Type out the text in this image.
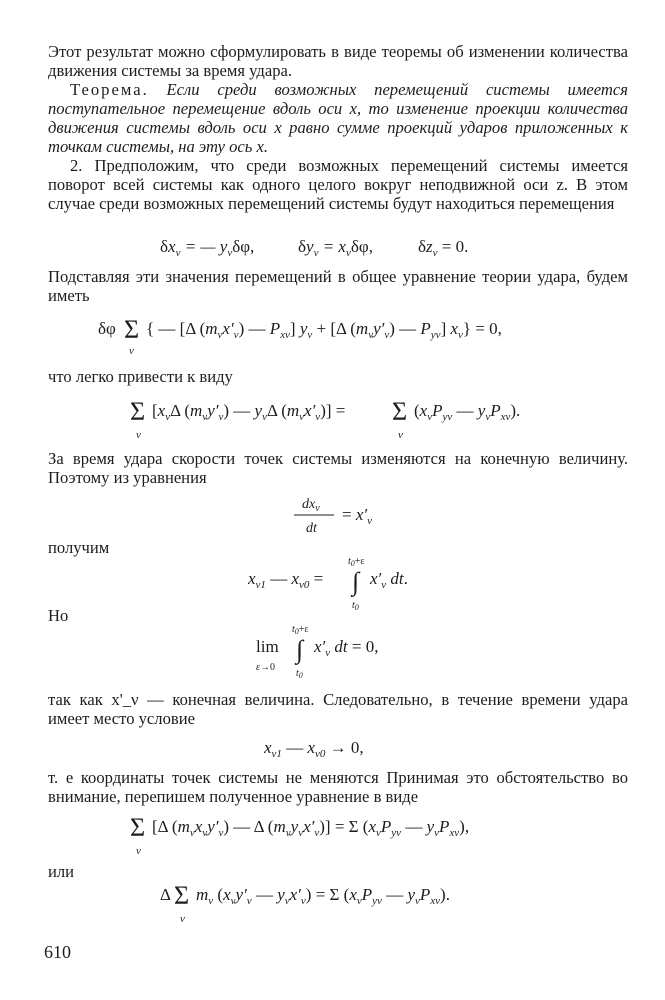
Этот результат можно сформулировать в виде теоремы об изменении количества движения системы за время удара.

Теорема. Если среди возможных перемещений системы имеется поступательное перемещение вдоль оси x, то изменение проекции количества движения системы вдоль оси x равно сумме проекций ударов приложенных к точкам системы, на эту ось x.

2. Предположим, что среди возможных перемещений системы имеется поворот всей системы как одного целого вокруг неподвижной оси z. В этом случае среди возможных перемещений системы будут находиться перемещения

$\delta x_\nu$ = — $y_\nu\delta\varphi$,	$\delta y_\nu = x_\nu\delta\varphi$,	$\delta z_\nu = 0$.

Подставляя эти значения перемещений в общее уравнение теории удара, будем иметь

δφ Σ
ν
{ — [Δ $(m_\nu x'_\nu)$ — $P_{x\nu}$] $y_\nu + [\Delta$ $(m_\nu y'_\nu)$ — $P_{y\nu}$] $x_\nu\} = 0$,

что легко привести к виду

Σ
ν
[$x_\nu\Delta$ $(m_\nu y'_\nu)$ — $y_\nu\Delta$ $(m_\nu x'_\nu)] = \Sigma$
ν
($x_\nu P_{y\nu}$ — $y_\nu P_{x\nu}$).

За время удара скорости точек системы изменяются на конечную величину. Поэтому из уравнения

$dx_\nu$
dt
= $x'_\nu$

получим

$x_{\nu 1}$ — $x_{\nu 0}$ =
$t_0+\varepsilon$
∫
$t_0$
$x'_\nu$ dt.

Но

lim
ε→0
$t_0+\varepsilon$
∫
$t_0$
$x'_\nu$ dt = 0,

так как x'_ν — конечная величина. Следовательно, в течение времени удара имеет место условие

$x_{\nu 1}$ — $x_{\nu 0} \to 0$,

т. е координаты точек системы не меняются Принимая это обстоятельство во внимание, перепишем полученное уравнение в виде

Σ
ν
[Δ $(m_\nu x_\nu y'_\nu)$ — Δ $(m_\nu y_\nu x'_\nu)] = \Sigma$ ($x_\nu P_{y\nu}$ — $y_\nu P_{x\nu}$),

или

Δ Σ
ν
$m_\nu$ ($x_\nu y'_\nu$ — $y_\nu x'_\nu) = \Sigma$ ($x_\nu P_{y\nu}$ — $y_\nu P_{x\nu}$).

610
